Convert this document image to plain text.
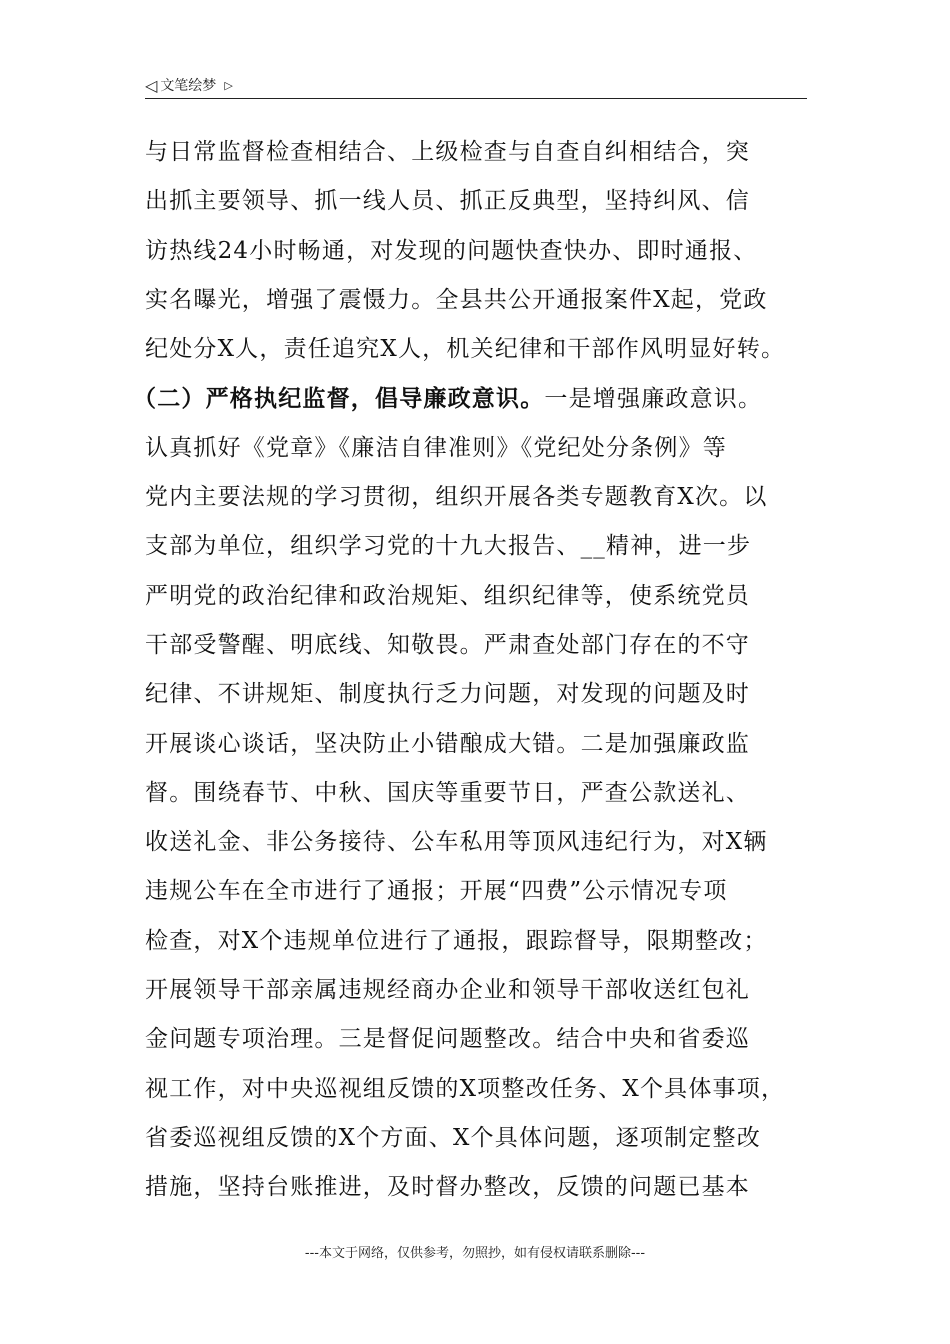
◁ 文笔绘梦 ▷
与日常监督检查相结合、上级检查与自查自纠相结合，突
出抓主要领导、抓一线人员、抓正反典型，坚持纠风、信
访热线24小时畅通，对发现的问题快查快办、即时通报、
实名曝光，增强了震慑力。全县共公开通报案件X起，党政
纪处分X人，责任追究X人，机关纪律和干部作风明显好转。
（二）严格执纪监督，倡导廉政意识。一是增强廉政意识。
认真抓好《党章》《廉洁自律准则》《党纪处分条例》等
党内主要法规的学习贯彻，组织开展各类专题教育X次。以
支部为单位，组织学习党的十九大报告、__精神，进一步
严明党的政治纪律和政治规矩、组织纪律等，使系统党员
干部受警醒、明底线、知敬畏。严肃查处部门存在的不守
纪律、不讲规矩、制度执行乏力问题，对发现的问题及时
开展谈心谈话，坚决防止小错酿成大错。二是加强廉政监
督。围绕春节、中秋、国庆等重要节日，严查公款送礼、
收送礼金、非公务接待、公车私用等顶风违纪行为，对X辆
违规公车在全市进行了通报；开展“四费”公示情况专项
检查，对X个违规单位进行了通报，跟踪督导，限期整改；
开展领导干部亲属违规经商办企业和领导干部收送红包礼
金问题专项治理。三是督促问题整改。结合中央和省委巡
视工作，对中央巡视组反馈的X项整改任务、X个具体事项，
省委巡视组反馈的X个方面、X个具体问题，逐项制定整改
措施，坚持台账推进，及时督办整改，反馈的问题已基本
---本文于网络，仅供参考，勿照抄，如有侵权请联系删除---
